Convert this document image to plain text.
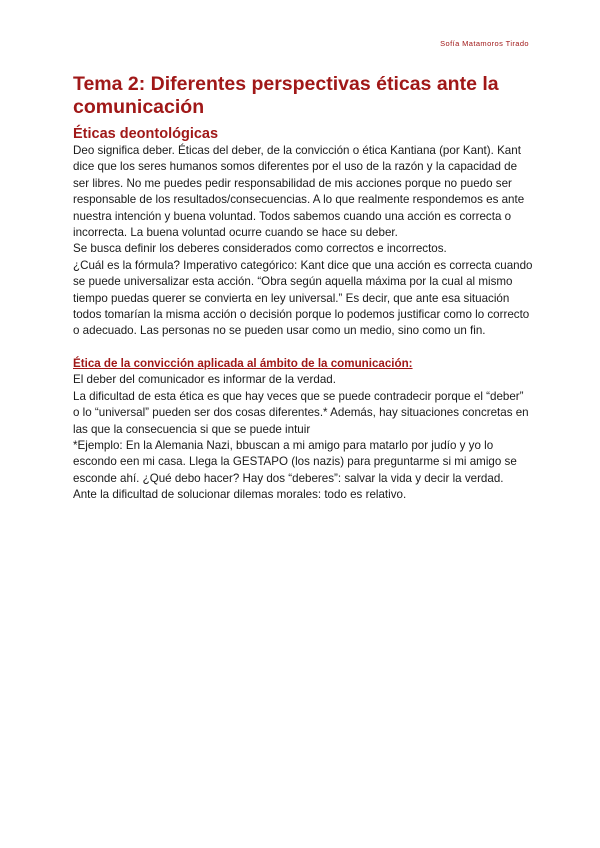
Sofía Matamoros Tirado
Tema 2: Diferentes perspectivas éticas ante la
comunicación
Éticas deontológicas

Deo significa deber. Éticas del deber, de la convicción o ética Kantiana (por Kant). Kant dice que los seres humanos somos diferentes por el uso de la razón y la capacidad de ser libres. No me puedes pedir responsabilidad de mis acciones porque no puedo ser responsable de los resultados/consecuencias. A lo que realmente respondemos es ante nuestra intención y buena voluntad. Todos sabemos cuando una acción es correcta o incorrecta. La buena voluntad ocurre cuando se hace su deber.

Se busca definir los deberes considerados como correctos e incorrectos.

¿Cuál es la fórmula? Imperativo categórico: Kant dice que una acción es correcta cuando se puede universalizar esta acción. “Obra según aquella máxima por la cual al mismo tiempo puedas querer se convierta en ley universal.” Es decir, que ante esa situación todos tomarían la misma acción o decisión porque lo podemos justificar como lo correcto o adecuado. Las personas no se pueden usar como un medio, sino como un fin.

Ética de la convicción aplicada al ámbito de la comunicación:

El deber del comunicador es informar de la verdad.

La dificultad de esta ética es que hay veces que se puede contradecir porque el “deber” o lo “universal” pueden ser dos cosas diferentes.* Además, hay situaciones concretas en las que la consecuencia si que se puede intuir

*Ejemplo: En la Alemania Nazi, bbuscan a mi amigo para matarlo por judío y yo lo escondo een mi casa. Llega la GESTAPO (los nazis) para preguntarme si mi amigo se esconde ahí. ¿Qué debo hacer? Hay dos “deberes”: salvar la vida y decir la verdad.

Ante la dificultad de solucionar dilemas morales: todo es relativo.
